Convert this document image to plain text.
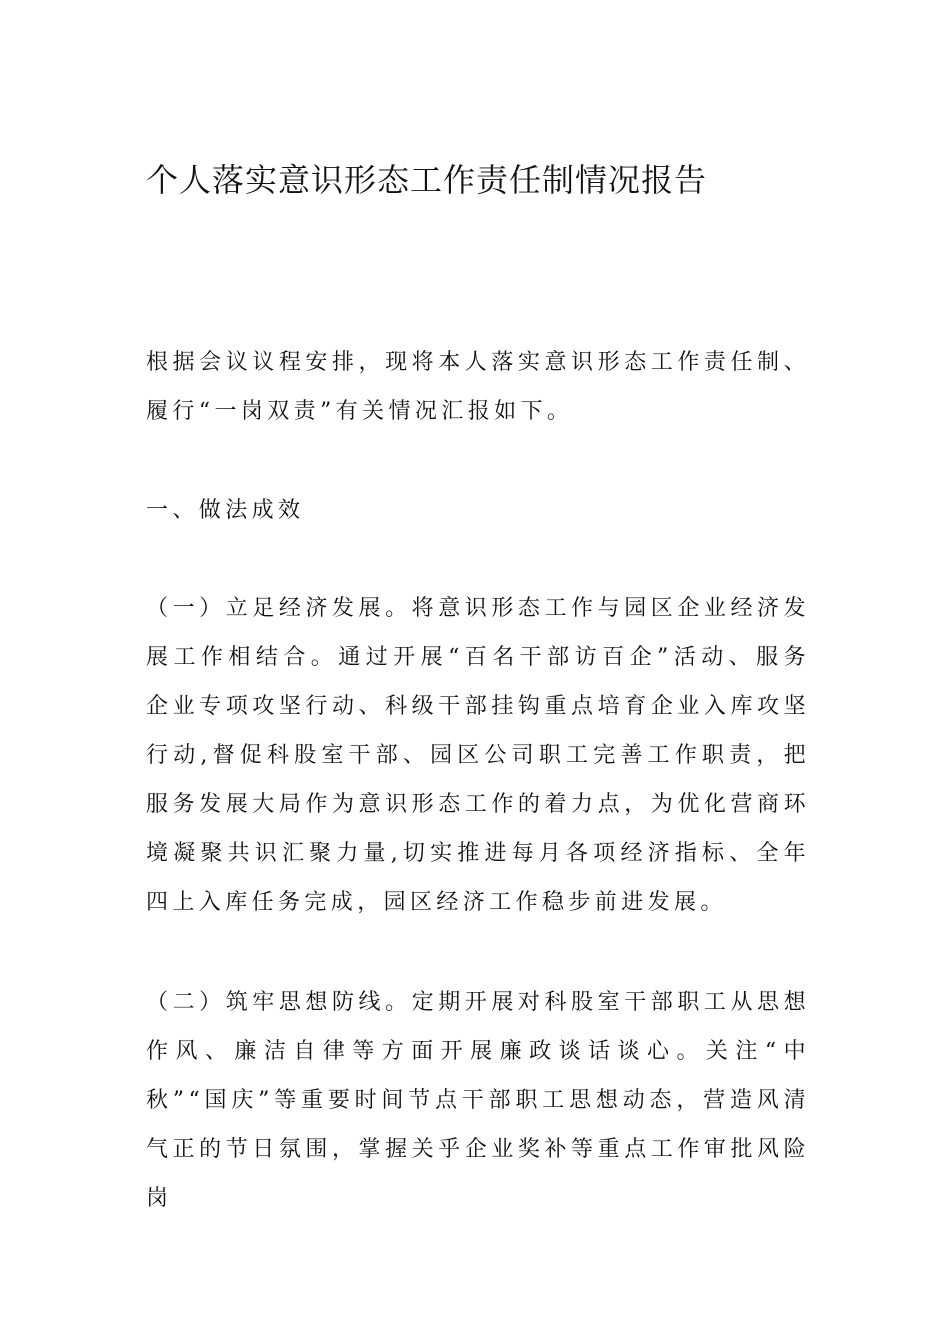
个人落实意识形态工作责任制情况报告

根据会议议程安排，现将本人落实意识形态工作责任制、履行“一岗双责”有关情况汇报如下。

一、做法成效

（一）立足经济发展。将意识形态工作与园区企业经济发展工作相结合。通过开展“百名干部访百企”活动、服务企业专项攻坚行动、科级干部挂钩重点培育企业入库攻坚行动,督促科股室干部、园区公司职工完善工作职责，把服务发展大局作为意识形态工作的着力点，为优化营商环境凝聚共识汇聚力量,切实推进每月各项经济指标、全年四上入库任务完成，园区经济工作稳步前进发展。

（二）筑牢思想防线。定期开展对科股室干部职工从思想作风、廉洁自律等方面开展廉政谈话谈心。关注“中秋”“国庆”等重要时间节点干部职工思想动态，营造风清气正的节日氛围，掌握关乎企业奖补等重点工作审批风险岗
